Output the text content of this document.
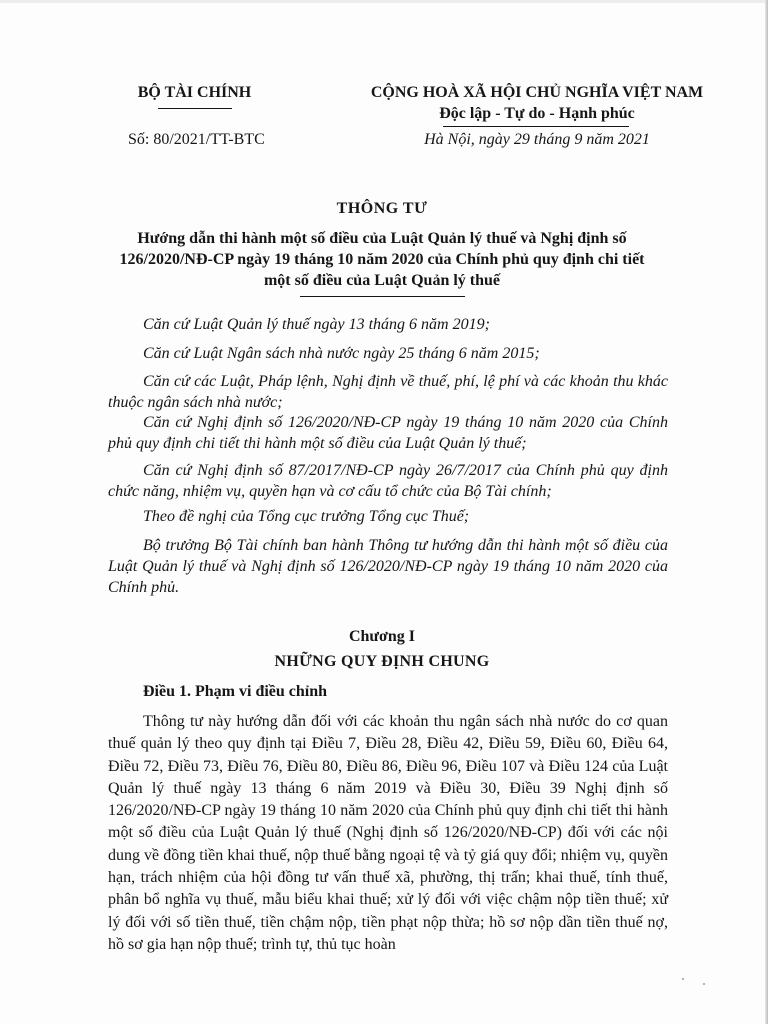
BỘ TÀI CHÍNH
Số: 80/2021/TT-BTC
CỘNG HOÀ XÃ HỘI CHỦ NGHĨA VIỆT NAM
Độc lập - Tự do - Hạnh phúc
Hà Nội, ngày 29 tháng 9 năm 2021
THÔNG TƯ
Hướng dẫn thi hành một số điều của Luật Quản lý thuế và Nghị định số 126/2020/NĐ-CP ngày 19 tháng 10 năm 2020 của Chính phủ quy định chi tiết một số điều của Luật Quản lý thuế
Căn cứ Luật Quản lý thuế ngày 13 tháng 6 năm 2019;
Căn cứ Luật Ngân sách nhà nước ngày 25 tháng 6 năm 2015;
Căn cứ các Luật, Pháp lệnh, Nghị định về thuế, phí, lệ phí và các khoản thu khác thuộc ngân sách nhà nước;
Căn cứ Nghị định số 126/2020/NĐ-CP ngày 19 tháng 10 năm 2020 của Chính phủ quy định chi tiết thi hành một số điều của Luật Quản lý thuế;
Căn cứ Nghị định số 87/2017/NĐ-CP ngày 26/7/2017 của Chính phủ quy định chức năng, nhiệm vụ, quyền hạn và cơ cấu tổ chức của Bộ Tài chính;
Theo đề nghị của Tổng cục trưởng Tổng cục Thuế;
Bộ trưởng Bộ Tài chính ban hành Thông tư hướng dẫn thi hành một số điều của Luật Quản lý thuế và Nghị định số 126/2020/NĐ-CP ngày 19 tháng 10 năm 2020 của Chính phủ.
Chương I
NHỮNG QUY ĐỊNH CHUNG
Điều 1. Phạm vi điều chỉnh
Thông tư này hướng dẫn đối với các khoản thu ngân sách nhà nước do cơ quan thuế quản lý theo quy định tại Điều 7, Điều 28, Điều 42, Điều 59, Điều 60, Điều 64, Điều 72, Điều 73, Điều 76, Điều 80, Điều 86, Điều 96, Điều 107 và Điều 124 của Luật Quản lý thuế ngày 13 tháng 6 năm 2019 và Điều 30, Điều 39 Nghị định số 126/2020/NĐ-CP ngày 19 tháng 10 năm 2020 của Chính phủ quy định chi tiết thi hành một số điều của Luật Quản lý thuế (Nghị định số 126/2020/NĐ-CP) đối với các nội dung về đồng tiền khai thuế, nộp thuế bằng ngoại tệ và tỷ giá quy đổi; nhiệm vụ, quyền hạn, trách nhiệm của hội đồng tư vấn thuế xã, phường, thị trấn; khai thuế, tính thuế, phân bổ nghĩa vụ thuế, mẫu biểu khai thuế; xử lý đối với việc chậm nộp tiền thuế; xử lý đối với số tiền thuế, tiền chậm nộp, tiền phạt nộp thừa; hồ sơ nộp dần tiền thuế nợ, hồ sơ gia hạn nộp thuế; trình tự, thủ tục hoàn
